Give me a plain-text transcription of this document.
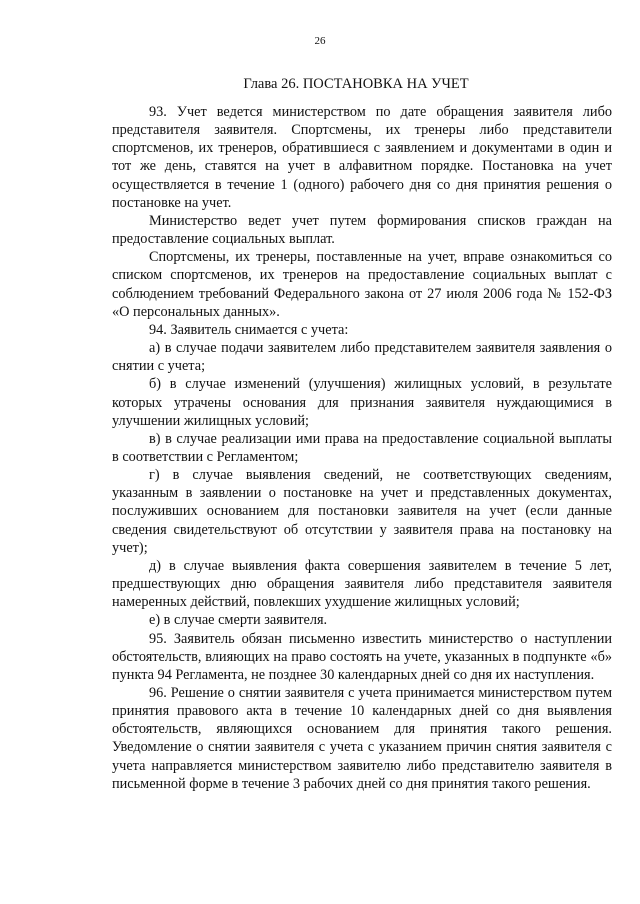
26
Глава 26. ПОСТАНОВКА НА УЧЕТ

93. Учет ведется министерством по дате обращения заявителя либо представителя заявителя. Спортсмены, их тренеры либо представители спортсменов, их тренеров, обратившиеся с заявлением и документами в один и тот же день, ставятся на учет в алфавитном порядке. Постановка на учет осуществляется в течение 1 (одного) рабочего дня со дня принятия решения о постановке на учет.

Министерство ведет учет путем формирования списков граждан на предоставление социальных выплат.

Спортсмены, их тренеры, поставленные на учет, вправе ознакомиться со списком спортсменов, их тренеров на предоставление социальных выплат с соблюдением требований Федерального закона от 27 июля 2006 года № 152-ФЗ «О персональных данных».

94. Заявитель снимается с учета:

а) в случае подачи заявителем либо представителем заявителя заявления о снятии с учета;

б) в случае изменений (улучшения) жилищных условий, в результате которых утрачены основания для признания заявителя нуждающимися в улучшении жилищных условий;

в) в случае реализации ими права на предоставление социальной выплаты в соответствии с Регламентом;

г) в случае выявления сведений, не соответствующих сведениям, указанным в заявлении о постановке на учет и представленных документах, послуживших основанием для постановки заявителя на учет (если данные сведения свидетельствуют об отсутствии у заявителя права на постановку на учет);

д) в случае выявления факта совершения заявителем в течение 5 лет, предшествующих дню обращения заявителя либо представителя заявителя намеренных действий, повлекших ухудшение жилищных условий;

е) в случае смерти заявителя.

95. Заявитель обязан письменно известить министерство о наступлении обстоятельств, влияющих на право состоять на учете, указанных в подпункте «б» пункта 94 Регламента, не позднее 30 календарных дней со дня их наступления.

96. Решение о снятии заявителя с учета принимается министерством путем принятия правового акта в течение 10 календарных дней со дня выявления обстоятельств, являющихся основанием для принятия такого решения. Уведомление о снятии заявителя с учета с указанием причин снятия заявителя с учета направляется министерством заявителю либо представителю заявителя в письменной форме в течение 3 рабочих дней со дня принятия такого решения.
